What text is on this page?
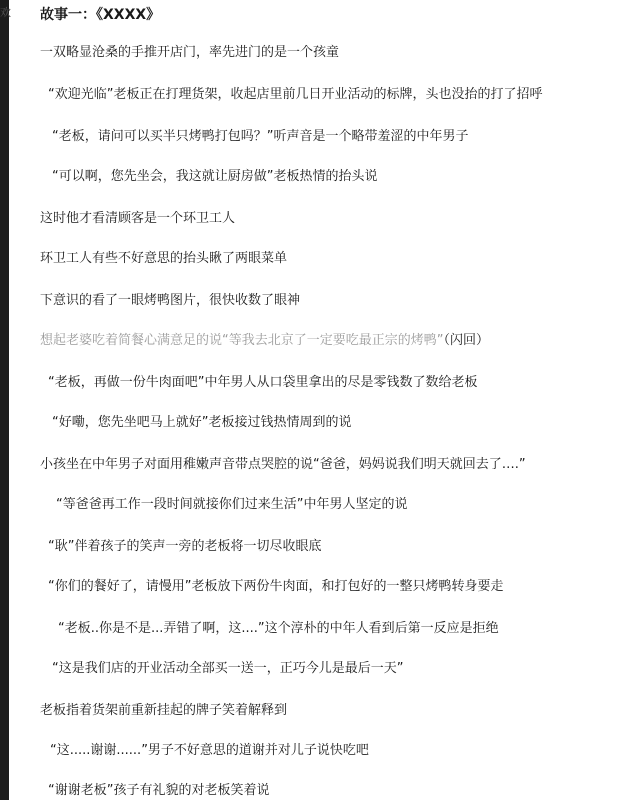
欢 故事一：《XXXX》
一双略显沧桑的手推开店门，率先进门的是一个孩童
“欢迎光临”老板正在打理货架，收起店里前几日开业活动的标牌，头也没抬的打了招呼
“老板，请问可以买半只烤鸭打包吗？”听声音是一个略带羞涩的中年男子
“可以啊，您先坐会，我这就让厨房做”老板热情的抬头说
这时他才看清顾客是一个环卫工人
环卫工人有些不好意思的抬头瞅了两眼菜单
下意识的看了一眼烤鸭图片，很快收数了眼神
想起老婆吃着简餐心满意足的说“等我去北京了一定要吃最正宗的烤鸭”（闪回）
“老板，再做一份牛肉面吧”中年男人从口袋里拿出的尽是零钱数了数给老板
“好嘞，您先坐吧马上就好”老板接过钱热情周到的说
小孩坐在中年男子对面用稚嫩声音带点哭腔的说“爸爸，妈妈说我们明天就回去了….”
“等爸爸再工作一段时间就接你们过来生活”中年男人坚定的说
“耿”伴着孩子的笑声一旁的老板将一切尽收眼底
“你们的餐好了，请慢用”老板放下两份牛肉面，和打包好的一整只烤鸭转身要走
“老板..你是不是...弄错了啊，这....”这个淳朴的中年人看到后第一反应是拒绝
“这是我们店的开业活动全部买一送一，正巧今儿是最后一天”
老板指着货架前重新挂起的牌子笑着解释到
“这.....谢谢......”男子不好意思的道谢并对儿子说快吃吧
“谢谢老板”孩子有礼貌的对老板笑着说
